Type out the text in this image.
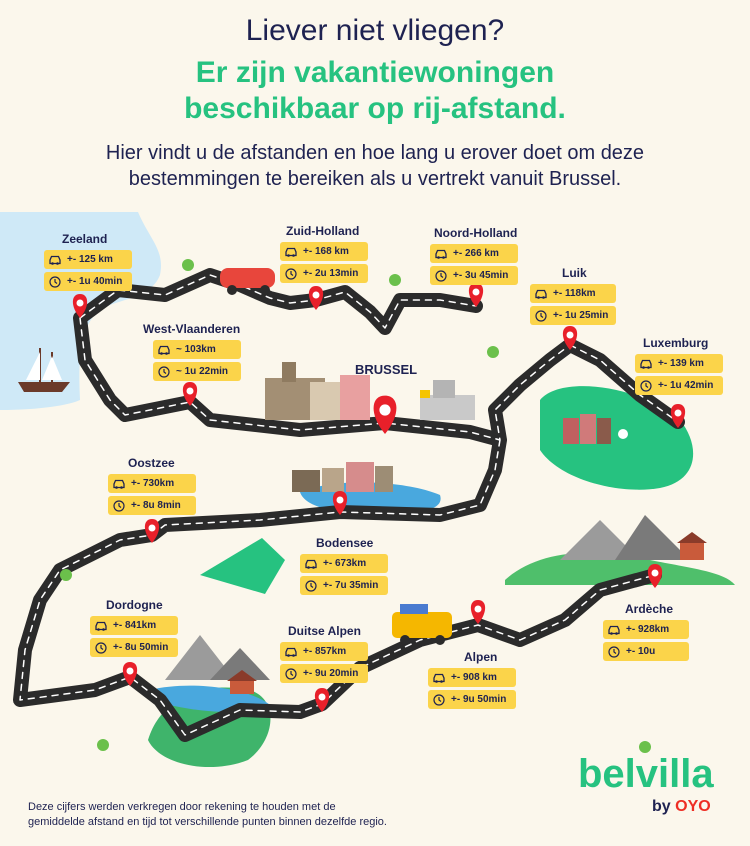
Liever niet vliegen?
Er zijn vakantiewoningen
beschikbaar op rij-afstand.
Hier vindt u de afstanden en hoe lang u erover doet om deze
bestemmingen te bereiken als u vertrekt vanuit Brussel.
BRUSSEL
Zeeland
+- 125 km
+- 1u 40min
Zuid-Holland
+- 168 km
+- 2u 13min
Noord-Holland
+- 266 km
+- 3u 45min	Luik
+- 118km
+- 1u 25min
West-Vlaanderen
~ 103km
~ 1u 22min
Luxemburg
+- 139 km
+- 1u 42min
Oostzee
+- 730km
+- 8u 8min
Bodensee
+- 673km
+- 7u 35min
Dordogne
+- 841km
+- 8u 50min
Duitse Alpen
+- 857km
+- 9u 20min
Alpen
+- 908 km
+- 9u 50min
Ardèche
+- 928km
+- 10u
Deze cijfers werden verkregen door rekening te houden met de
gemiddelde afstand en tijd tot verschillende punten binnen dezelfde regio.
belvilla
by OYO
